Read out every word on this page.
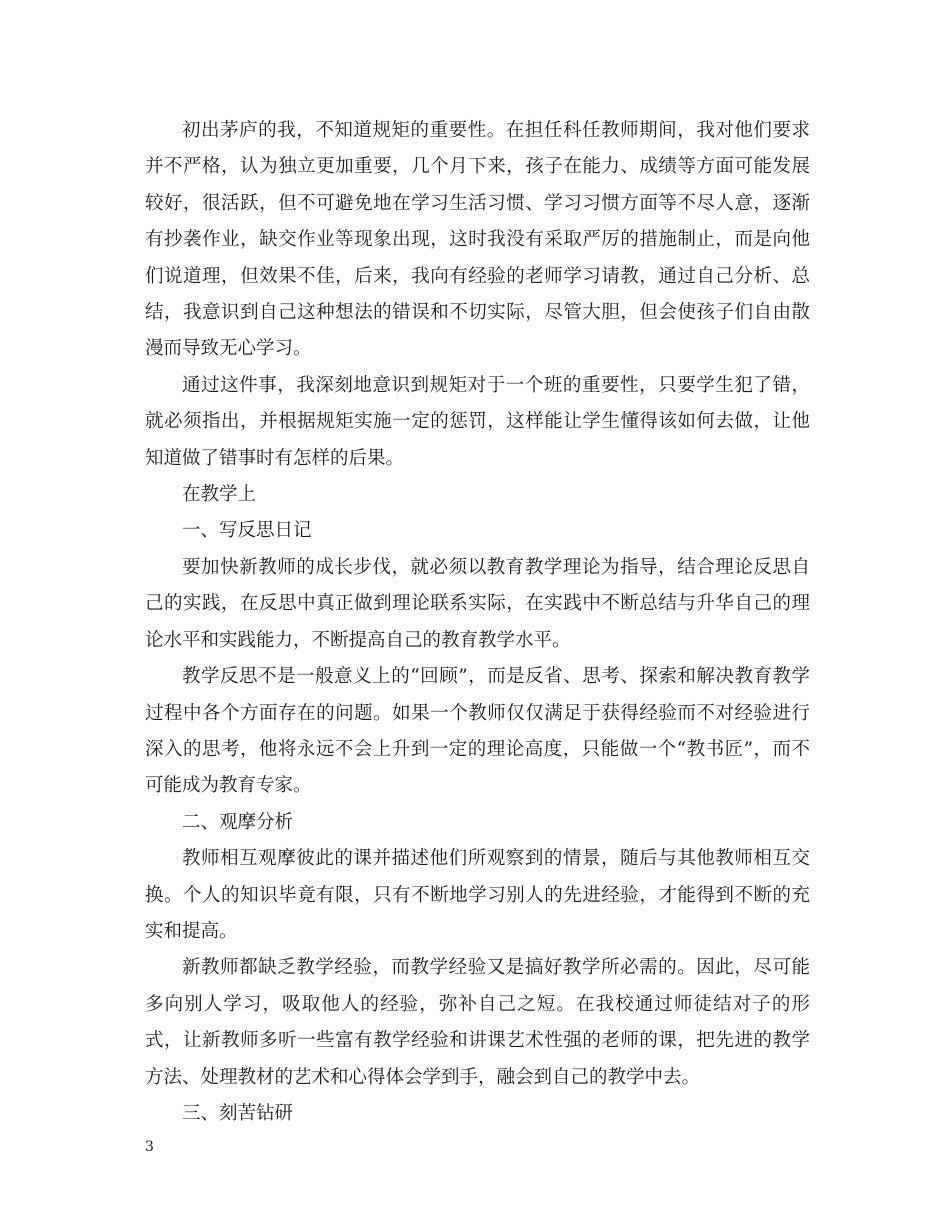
初出茅庐的我，不知道规矩的重要性。在担任科任教师期间，我对他们要求并不严格，认为独立更加重要，几个月下来，孩子在能力、成绩等方面可能发展较好，很活跃，但不可避免地在学习生活习惯、学习习惯方面等不尽人意，逐渐有抄袭作业，缺交作业等现象出现，这时我没有采取严厉的措施制止，而是向他们说道理，但效果不佳，后来，我向有经验的老师学习请教，通过自己分析、总结，我意识到自己这种想法的错误和不切实际，尽管大胆，但会使孩子们自由散漫而导致无心学习。

通过这件事，我深刻地意识到规矩对于一个班的重要性，只要学生犯了错，就必须指出，并根据规矩实施一定的惩罚，这样能让学生懂得该如何去做，让他知道做了错事时有怎样的后果。

在教学上

一、写反思日记

要加快新教师的成长步伐，就必须以教育教学理论为指导，结合理论反思自己的实践，在反思中真正做到理论联系实际，在实践中不断总结与升华自己的理论水平和实践能力，不断提高自己的教育教学水平。

教学反思不是一般意义上的“回顾”，而是反省、思考、探索和解决教育教学过程中各个方面存在的问题。如果一个教师仅仅满足于获得经验而不对经验进行深入的思考，他将永远不会上升到一定的理论高度，只能做一个“教书匠”，而不可能成为教育专家。

二、观摩分析

教师相互观摩彼此的课并描述他们所观察到的情景，随后与其他教师相互交换。个人的知识毕竟有限，只有不断地学习别人的先进经验，才能得到不断的充实和提高。

新教师都缺乏教学经验，而教学经验又是搞好教学所必需的。因此，尽可能多向别人学习，吸取他人的经验，弥补自己之短。在我校通过师徒结对子的形式，让新教师多听一些富有教学经验和讲课艺术性强的老师的课，把先进的教学方法、处理教材的艺术和心得体会学到手，融会到自己的教学中去。

三、刻苦钻研

3
